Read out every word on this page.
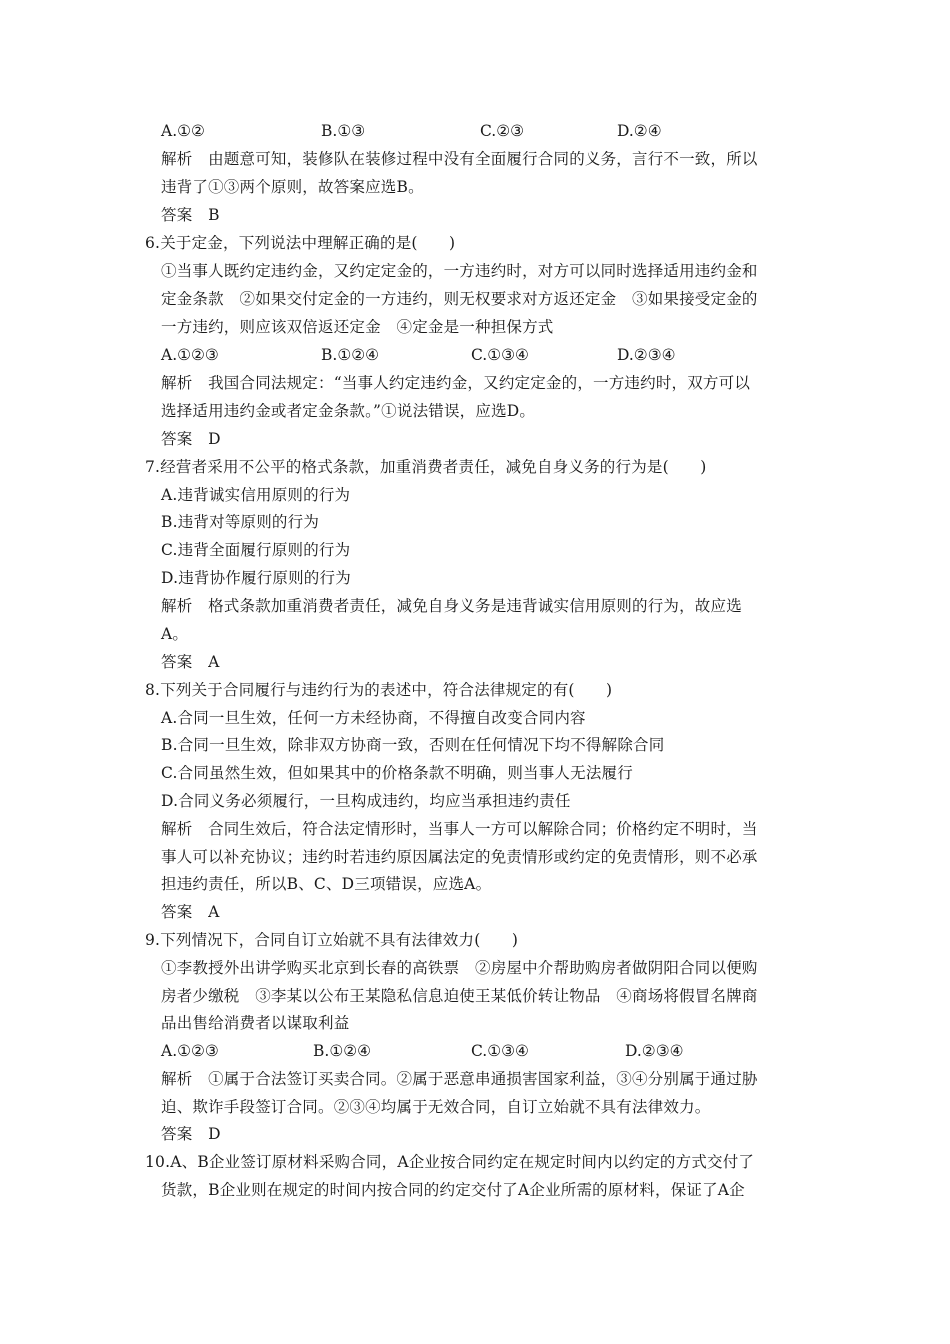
A.①②	B.①③	C.②③	D.②④
解析　由题意可知，装修队在装修过程中没有全面履行合同的义务，言行不一致，所以
违背了①③两个原则，故答案应选B。
答案　B
6.关于定金，下列说法中理解正确的是(　　)
①当事人既约定违约金，又约定定金的，一方违约时，对方可以同时选择适用违约金和
定金条款　②如果交付定金的一方违约，则无权要求对方返还定金　③如果接受定金的
一方违约，则应该双倍返还定金　④定金是一种担保方式
A.①②③	B.①②④	C.①③④	D.②③④
解析　我国合同法规定：“当事人约定违约金，又约定定金的，一方违约时，双方可以
选择适用违约金或者定金条款。”①说法错误，应选D。
答案　D
7.经营者采用不公平的格式条款，加重消费者责任，减免自身义务的行为是(　　)
A.违背诚实信用原则的行为
B.违背对等原则的行为
C.违背全面履行原则的行为
D.违背协作履行原则的行为
解析　格式条款加重消费者责任，减免自身义务是违背诚实信用原则的行为，故应选
A。
答案　A
8.下列关于合同履行与违约行为的表述中，符合法律规定的有(　　)
A.合同一旦生效，任何一方未经协商，不得擅自改变合同内容
B.合同一旦生效，除非双方协商一致，否则在任何情况下均不得解除合同
C.合同虽然生效，但如果其中的价格条款不明确，则当事人无法履行
D.合同义务必须履行，一旦构成违约，均应当承担违约责任
解析　合同生效后，符合法定情形时，当事人一方可以解除合同；价格约定不明时，当
事人可以补充协议；违约时若违约原因属法定的免责情形或约定的免责情形，则不必承
担违约责任，所以B、C、D三项错误，应选A。
答案　A
9.下列情况下，合同自订立始就不具有法律效力(　　)
①李教授外出讲学购买北京到长春的高铁票　②房屋中介帮助购房者做阴阳合同以便购
房者少缴税　③李某以公布王某隐私信息迫使王某低价转让物品　④商场将假冒名牌商
品出售给消费者以谋取利益
A.①②③	B.①②④	C.①③④	D.②③④
解析　①属于合法签订买卖合同。②属于恶意串通损害国家利益，③④分别属于通过胁
迫、欺诈手段签订合同。②③④均属于无效合同，自订立始就不具有法律效力。
答案　D
10.A、B企业签订原材料采购合同，A企业按合同约定在规定时间内以约定的方式交付了
货款，B企业则在规定的时间内按合同的约定交付了A企业所需的原材料，保证了A企
